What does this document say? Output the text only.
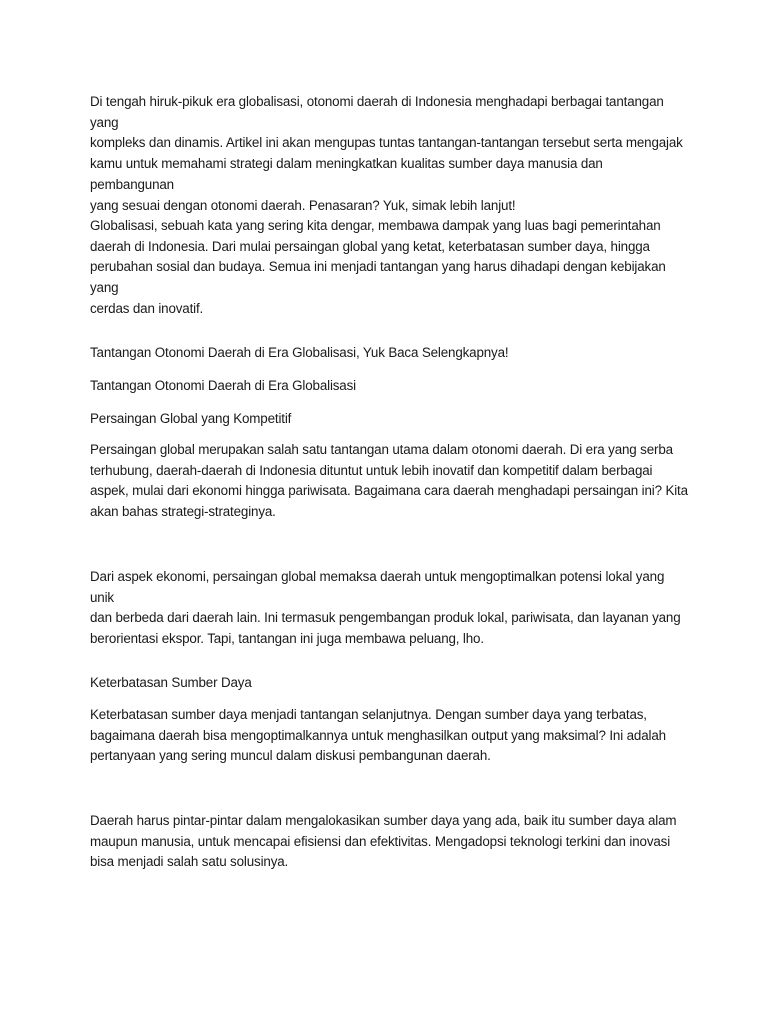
Di tengah hiruk-pikuk era globalisasi, otonomi daerah di Indonesia menghadapi berbagai tantangan yang
kompleks dan dinamis. Artikel ini akan mengupas tuntas tantangan-tantangan tersebut serta mengajak
kamu untuk memahami strategi dalam meningkatkan kualitas sumber daya manusia dan pembangunan
yang sesuai dengan otonomi daerah. Penasaran? Yuk, simak lebih lanjut!

Globalisasi, sebuah kata yang sering kita dengar, membawa dampak yang luas bagi pemerintahan
daerah di Indonesia. Dari mulai persaingan global yang ketat, keterbatasan sumber daya, hingga
perubahan sosial dan budaya. Semua ini menjadi tantangan yang harus dihadapi dengan kebijakan yang
cerdas dan inovatif.

Tantangan Otonomi Daerah di Era Globalisasi, Yuk Baca Selengkapnya!

Tantangan Otonomi Daerah di Era Globalisasi

Persaingan Global yang Kompetitif

Persaingan global merupakan salah satu tantangan utama dalam otonomi daerah. Di era yang serba
terhubung, daerah-daerah di Indonesia dituntut untuk lebih inovatif dan kompetitif dalam berbagai
aspek, mulai dari ekonomi hingga pariwisata. Bagaimana cara daerah menghadapi persaingan ini? Kita
akan bahas strategi-strateginya.

Dari aspek ekonomi, persaingan global memaksa daerah untuk mengoptimalkan potensi lokal yang unik
dan berbeda dari daerah lain. Ini termasuk pengembangan produk lokal, pariwisata, dan layanan yang
berorientasi ekspor. Tapi, tantangan ini juga membawa peluang, lho.

Keterbatasan Sumber Daya

Keterbatasan sumber daya menjadi tantangan selanjutnya. Dengan sumber daya yang terbatas,
bagaimana daerah bisa mengoptimalkannya untuk menghasilkan output yang maksimal? Ini adalah
pertanyaan yang sering muncul dalam diskusi pembangunan daerah.

Daerah harus pintar-pintar dalam mengalokasikan sumber daya yang ada, baik itu sumber daya alam
maupun manusia, untuk mencapai efisiensi dan efektivitas. Mengadopsi teknologi terkini dan inovasi
bisa menjadi salah satu solusinya.
